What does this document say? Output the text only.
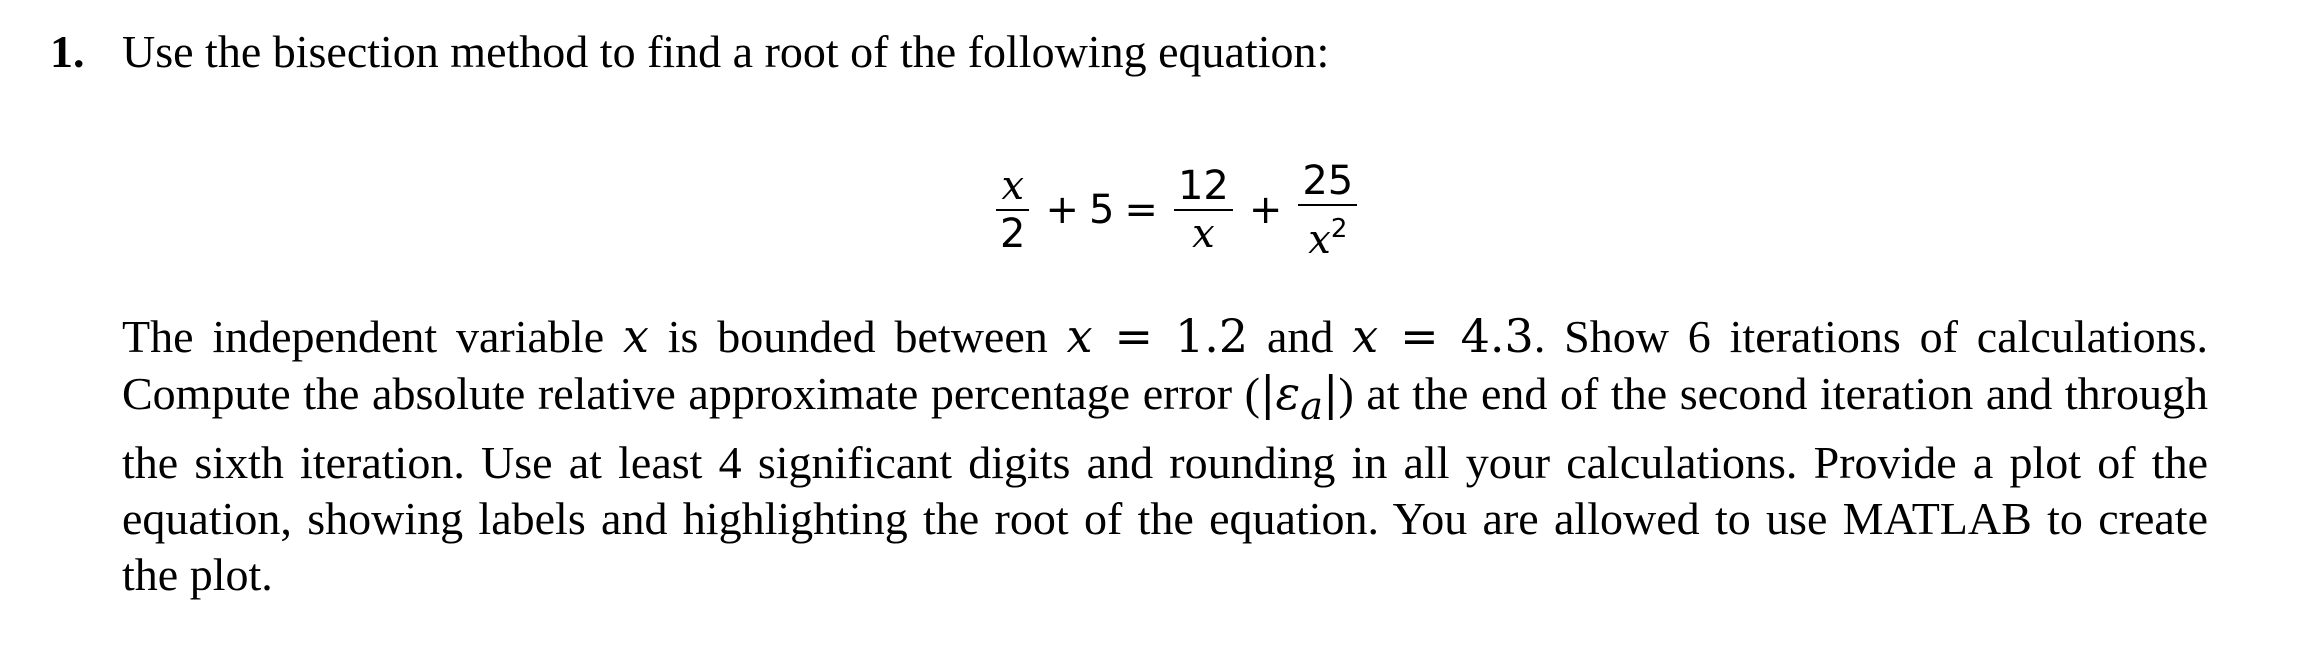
1. Use the bisection method to find a root of the following equation:
$\frac{x}{2} + 5 = \frac{12}{x} + \frac{25}{x^2}$

The independent variable x is bounded between x = 1.2 and x = 4.3. Show 6 iterations of calculations. Compute the absolute relative approximate percentage error $(|\varepsilon_a|)$ at the end of the second iteration and through the sixth iteration. Use at least 4 significant digits and rounding in all your calculations. Provide a plot of the equation, showing labels and highlighting the root of the equation. You are allowed to use MATLAB to create the plot.
